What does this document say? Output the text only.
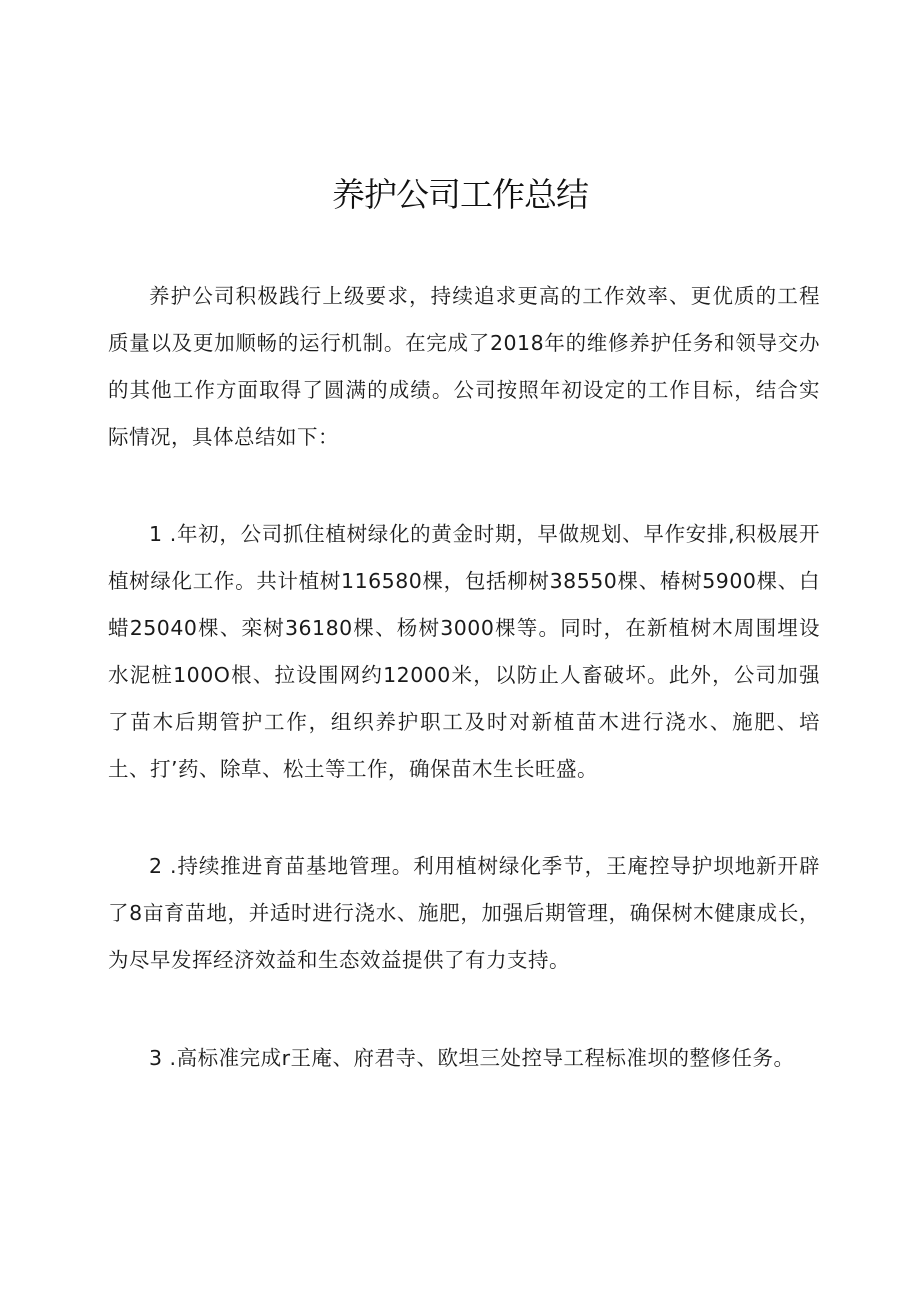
养护公司工作总结

养护公司积极践行上级要求，持续追求更高的工作效率、更优质的工程质量以及更加顺畅的运行机制。在完成了2018年的维修养护任务和领导交办的其他工作方面取得了圆满的成绩。公司按照年初设定的工作目标，结合实际情况，具体总结如下：

1 .年初，公司抓住植树绿化的黄金时期，早做规划、早作安排,积极展开植树绿化工作。共计植树116580棵，包括柳树38550棵、椿树5900棵、白蜡25040棵、栾树36180棵、杨树3000棵等。同时，在新植树木周围埋设水泥桩100O根、拉设围网约12000米，以防止人畜破坏。此外，公司加强了苗木后期管护工作，组织养护职工及时对新植苗木进行浇水、施肥、培土、打’药、除草、松土等工作，确保苗木生长旺盛。

2 .持续推进育苗基地管理。利用植树绿化季节，王庵控导护坝地新开辟了8亩育苗地，并适时进行浇水、施肥，加强后期管理，确保树木健康成长，为尽早发挥经济效益和生态效益提供了有力支持。

3 .高标准完成r王庵、府君寺、欧坦三处控导工程标准坝的整修任务。
